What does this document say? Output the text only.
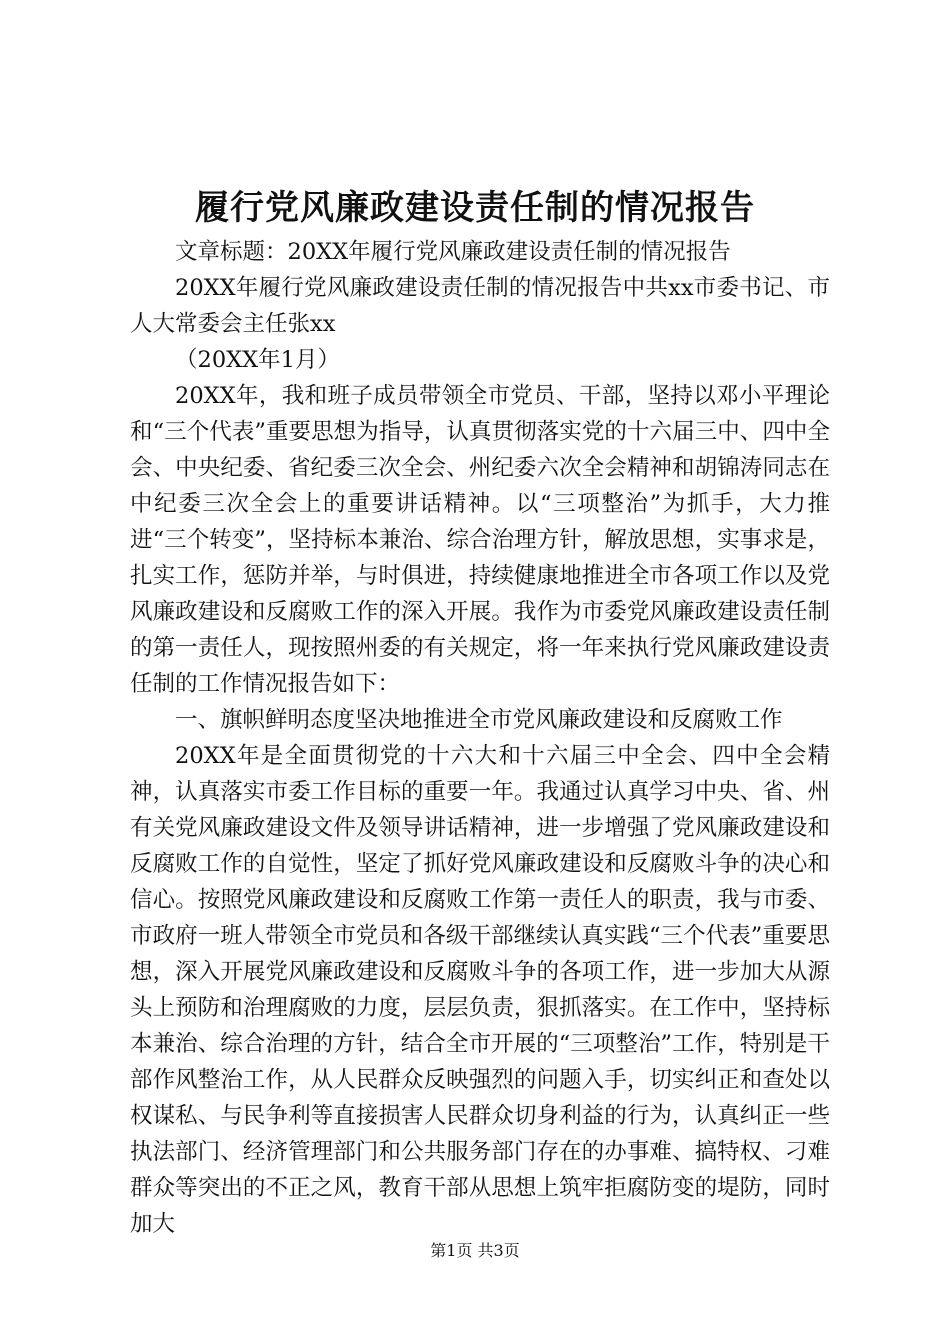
履行党风廉政建设责任制的情况报告

文章标题：20XX年履行党风廉政建设责任制的情况报告

20XX年履行党风廉政建设责任制的情况报告中共xx市委书记、市人大常委会主任张xx

（20XX年1月）

20XX年，我和班子成员带领全市党员、干部，坚持以邓小平理论和“三个代表”重要思想为指导，认真贯彻落实党的十六届三中、四中全会、中央纪委、省纪委三次全会、州纪委六次全会精神和胡锦涛同志在中纪委三次全会上的重要讲话精神。以“三项整治”为抓手，大力推进“三个转变”，坚持标本兼治、综合治理方针，解放思想，实事求是，扎实工作，惩防并举，与时俱进，持续健康地推进全市各项工作以及党风廉政建设和反腐败工作的深入开展。我作为市委党风廉政建设责任制的第一责任人，现按照州委的有关规定，将一年来执行党风廉政建设责任制的工作情况报告如下：

一、旗帜鲜明态度坚决地推进全市党风廉政建设和反腐败工作

20XX年是全面贯彻党的十六大和十六届三中全会、四中全会精神，认真落实市委工作目标的重要一年。我通过认真学习中央、省、州有关党风廉政建设文件及领导讲话精神，进一步增强了党风廉政建设和反腐败工作的自觉性，坚定了抓好党风廉政建设和反腐败斗争的决心和信心。按照党风廉政建设和反腐败工作第一责任人的职责，我与市委、市政府一班人带领全市党员和各级干部继续认真实践“三个代表”重要思想，深入开展党风廉政建设和反腐败斗争的各项工作，进一步加大从源头上预防和治理腐败的力度，层层负责，狠抓落实。在工作中，坚持标本兼治、综合治理的方针，结合全市开展的“三项整治”工作，特别是干部作风整治工作，从人民群众反映强烈的问题入手，切实纠正和查处以权谋私、与民争利等直接损害人民群众切身利益的行为，认真纠正一些执法部门、经济管理部门和公共服务部门存在的办事难、搞特权、刁难群众等突出的不正之风，教育干部从思想上筑牢拒腐防变的堤防，同时加大

第1页 共3页
